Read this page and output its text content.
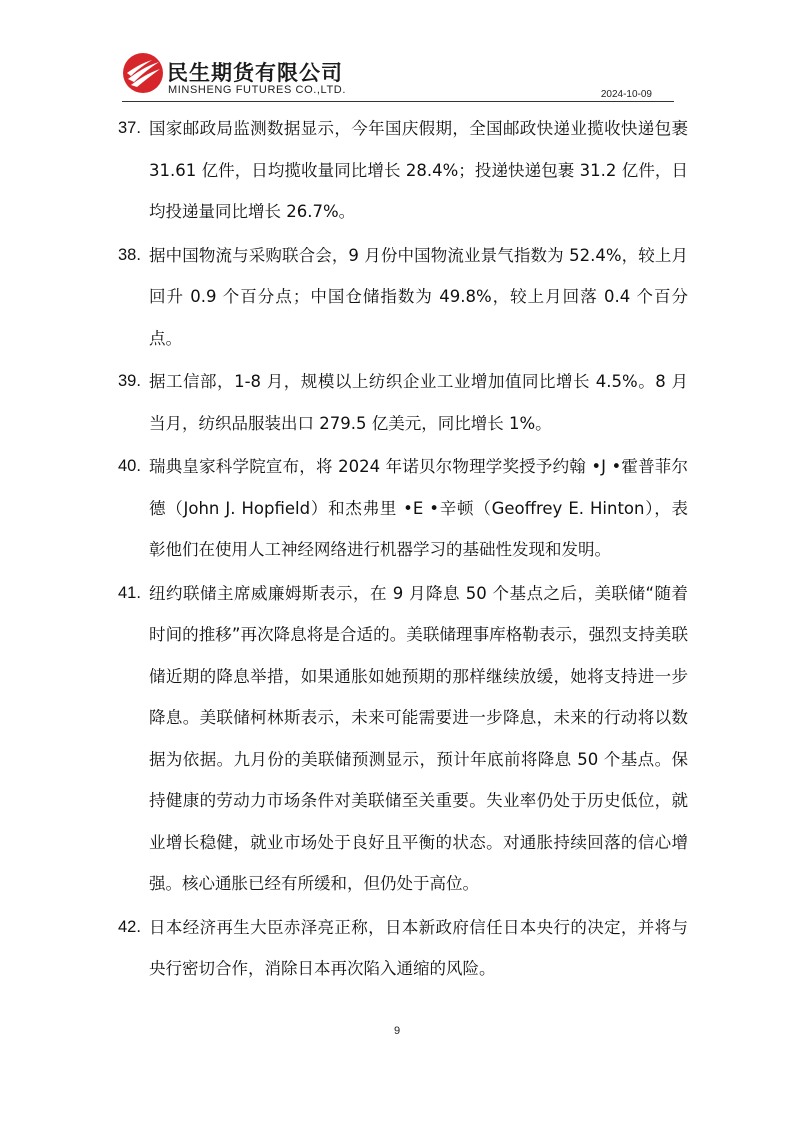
民生期货有限公司
MINSHENG FUTURES CO.,LTD.	2024-10-09
37. 国家邮政局监测数据显示，今年国庆假期，全国邮政快递业揽收快递包裹 31.61 亿件，日均揽收量同比增长 28.4%；投递快递包裹 31.2 亿件，日均投递量同比增长 26.7%。
38. 据中国物流与采购联合会，9 月份中国物流业景气指数为 52.4%，较上月回升 0.9 个百分点；中国仓储指数为 49.8%，较上月回落 0.4 个百分点。
39. 据工信部，1-8 月，规模以上纺织企业工业增加值同比增长 4.5%。8 月当月，纺织品服装出口 279.5 亿美元，同比增长 1%。
40. 瑞典皇家科学院宣布，将 2024 年诺贝尔物理学奖授予约翰 •J •霍普菲尔德（John J. Hopfield）和杰弗里 •E •辛顿（Geoffrey E. Hinton），表彰他们在使用人工神经网络进行机器学习的基础性发现和发明。
41. 纽约联储主席威廉姆斯表示，在 9 月降息 50 个基点之后，美联储“随着时间的推移”再次降息将是合适的。美联储理事库格勒表示，强烈支持美联储近期的降息举措，如果通胀如她预期的那样继续放缓，她将支持进一步降息。美联储柯林斯表示，未来可能需要进一步降息，未来的行动将以数据为依据。九月份的美联储预测显示，预计年底前将降息 50 个基点。保持健康的劳动力市场条件对美联储至关重要。失业率仍处于历史低位，就业增长稳健，就业市场处于良好且平衡的状态。对通胀持续回落的信心增强。核心通胀已经有所缓和，但仍处于高位。
42. 日本经济再生大臣赤泽亮正称，日本新政府信任日本央行的决定，并将与央行密切合作，消除日本再次陷入通缩的风险。
9
